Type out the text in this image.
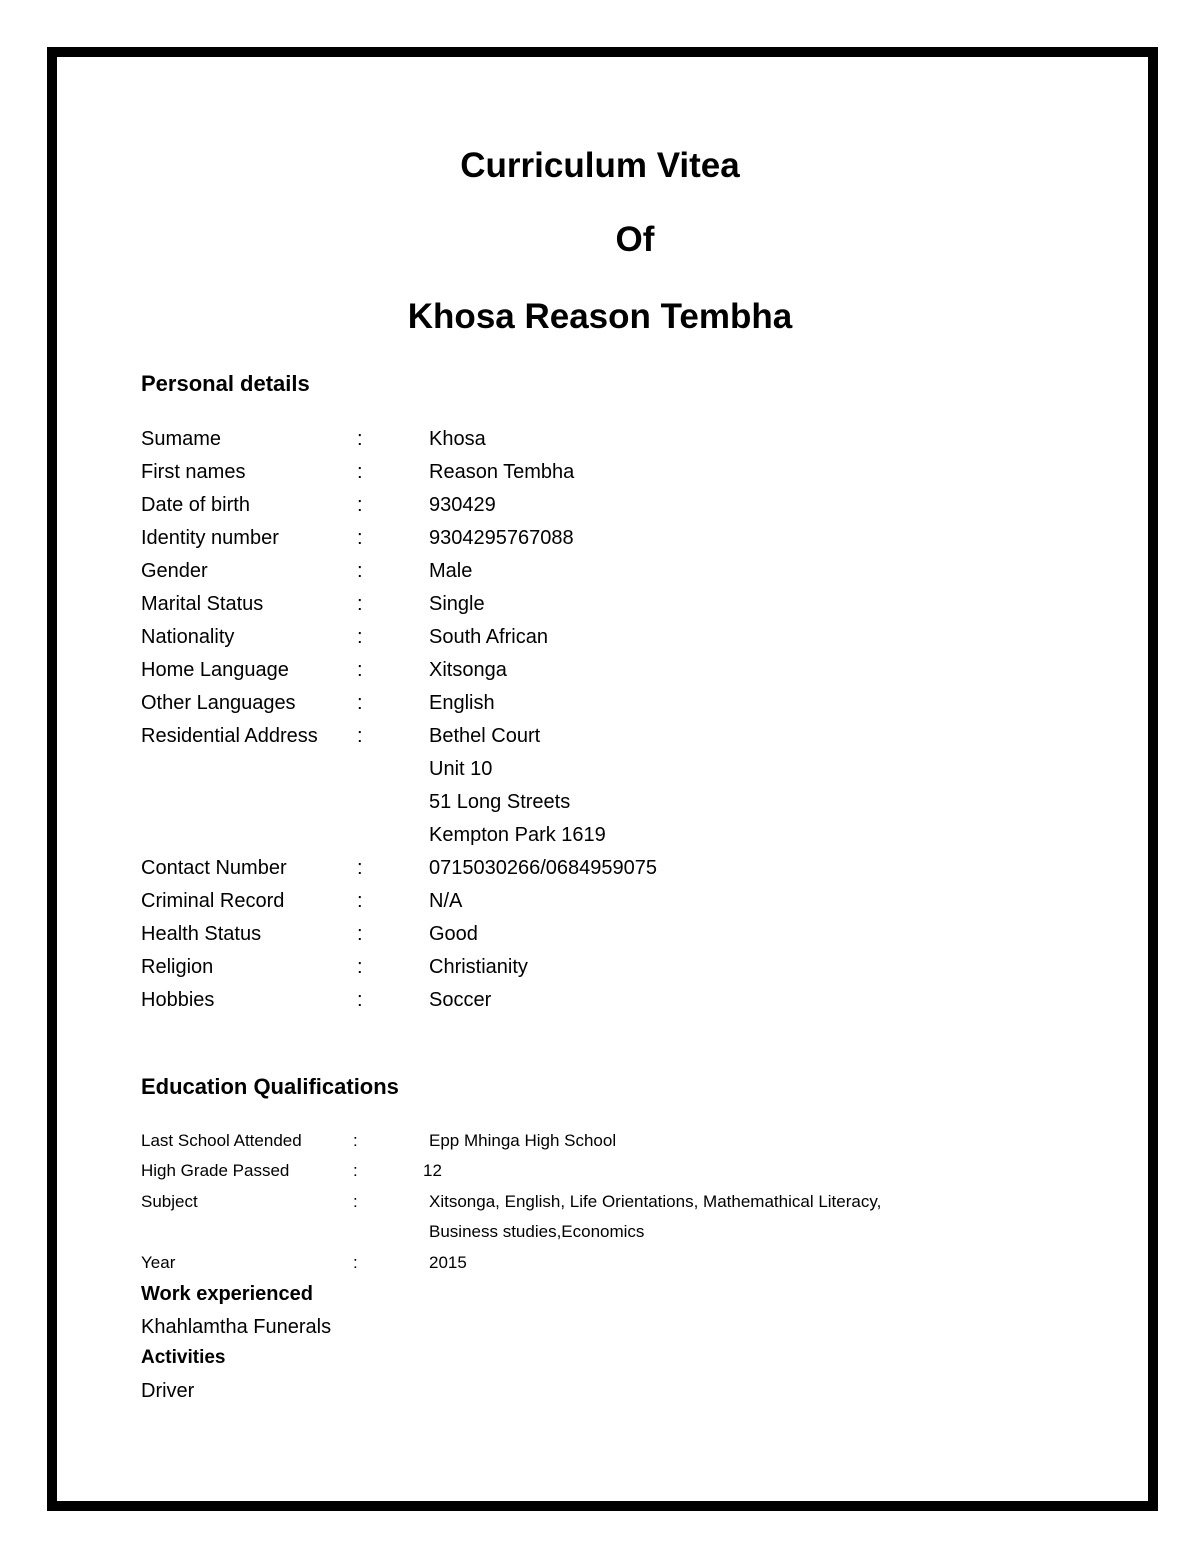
Curriculum Vitea
Of
Khosa Reason Tembha
Personal details
Sumame	:	Khosa
First names	:	Reason Tembha
Date of birth	:	930429
Identity number	:	9304295767088
Gender	:	Male
Marital Status	:	Single
Nationality	:	South African
Home Language	:	Xitsonga
Other Languages	:	English
Residential Address :	Bethel Court
Unit 10
51 Long Streets
Kempton Park 1619
Contact Number	:	0715030266/0684959075
Criminal Record	:	N/A
Health Status	:	Good
Religion	:	Christianity
Hobbies	:	Soccer
Education Qualifications
Last School Attended	:	Epp Mhinga High School
High Grade Passed	:	12
Subject	:	Xitsonga, English, Life Orientations, Mathemathical Literacy,
Business studies,Economics
Year	:	2015
Work experienced
Khahlamtha Funerals
Activities
Driver
